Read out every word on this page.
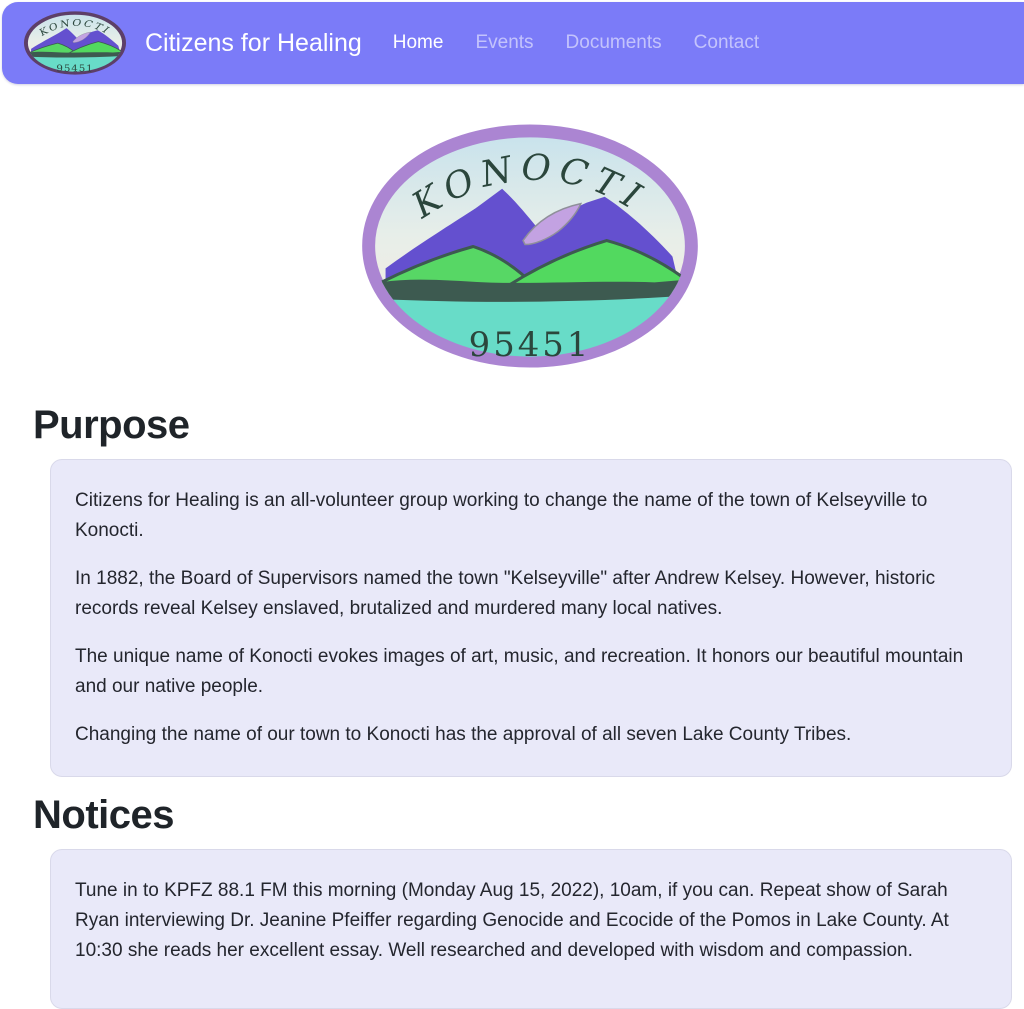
Citizens for Healing	Home	Events	Documents	Contact
Purpose

Citizens for Healing is an all-volunteer group working to change the name of the town of Kelseyville to Konocti.

In 1882, the Board of Supervisors named the town "Kelseyville" after Andrew Kelsey. However, historic records reveal Kelsey enslaved, brutalized and murdered many local natives.

The unique name of Konocti evokes images of art, music, and recreation. It honors our beautiful mountain and our native people.

Changing the name of our town to Konocti has the approval of all seven Lake County Tribes.

Notices

Tune in to KPFZ 88.1 FM this morning (Monday Aug 15, 2022), 10am, if you can. Repeat show of Sarah Ryan interviewing Dr. Jeanine Pfeiffer regarding Genocide and Ecocide of the Pomos in Lake County. At 10:30 she reads her excellent essay. Well researched and developed with wisdom and compassion.
